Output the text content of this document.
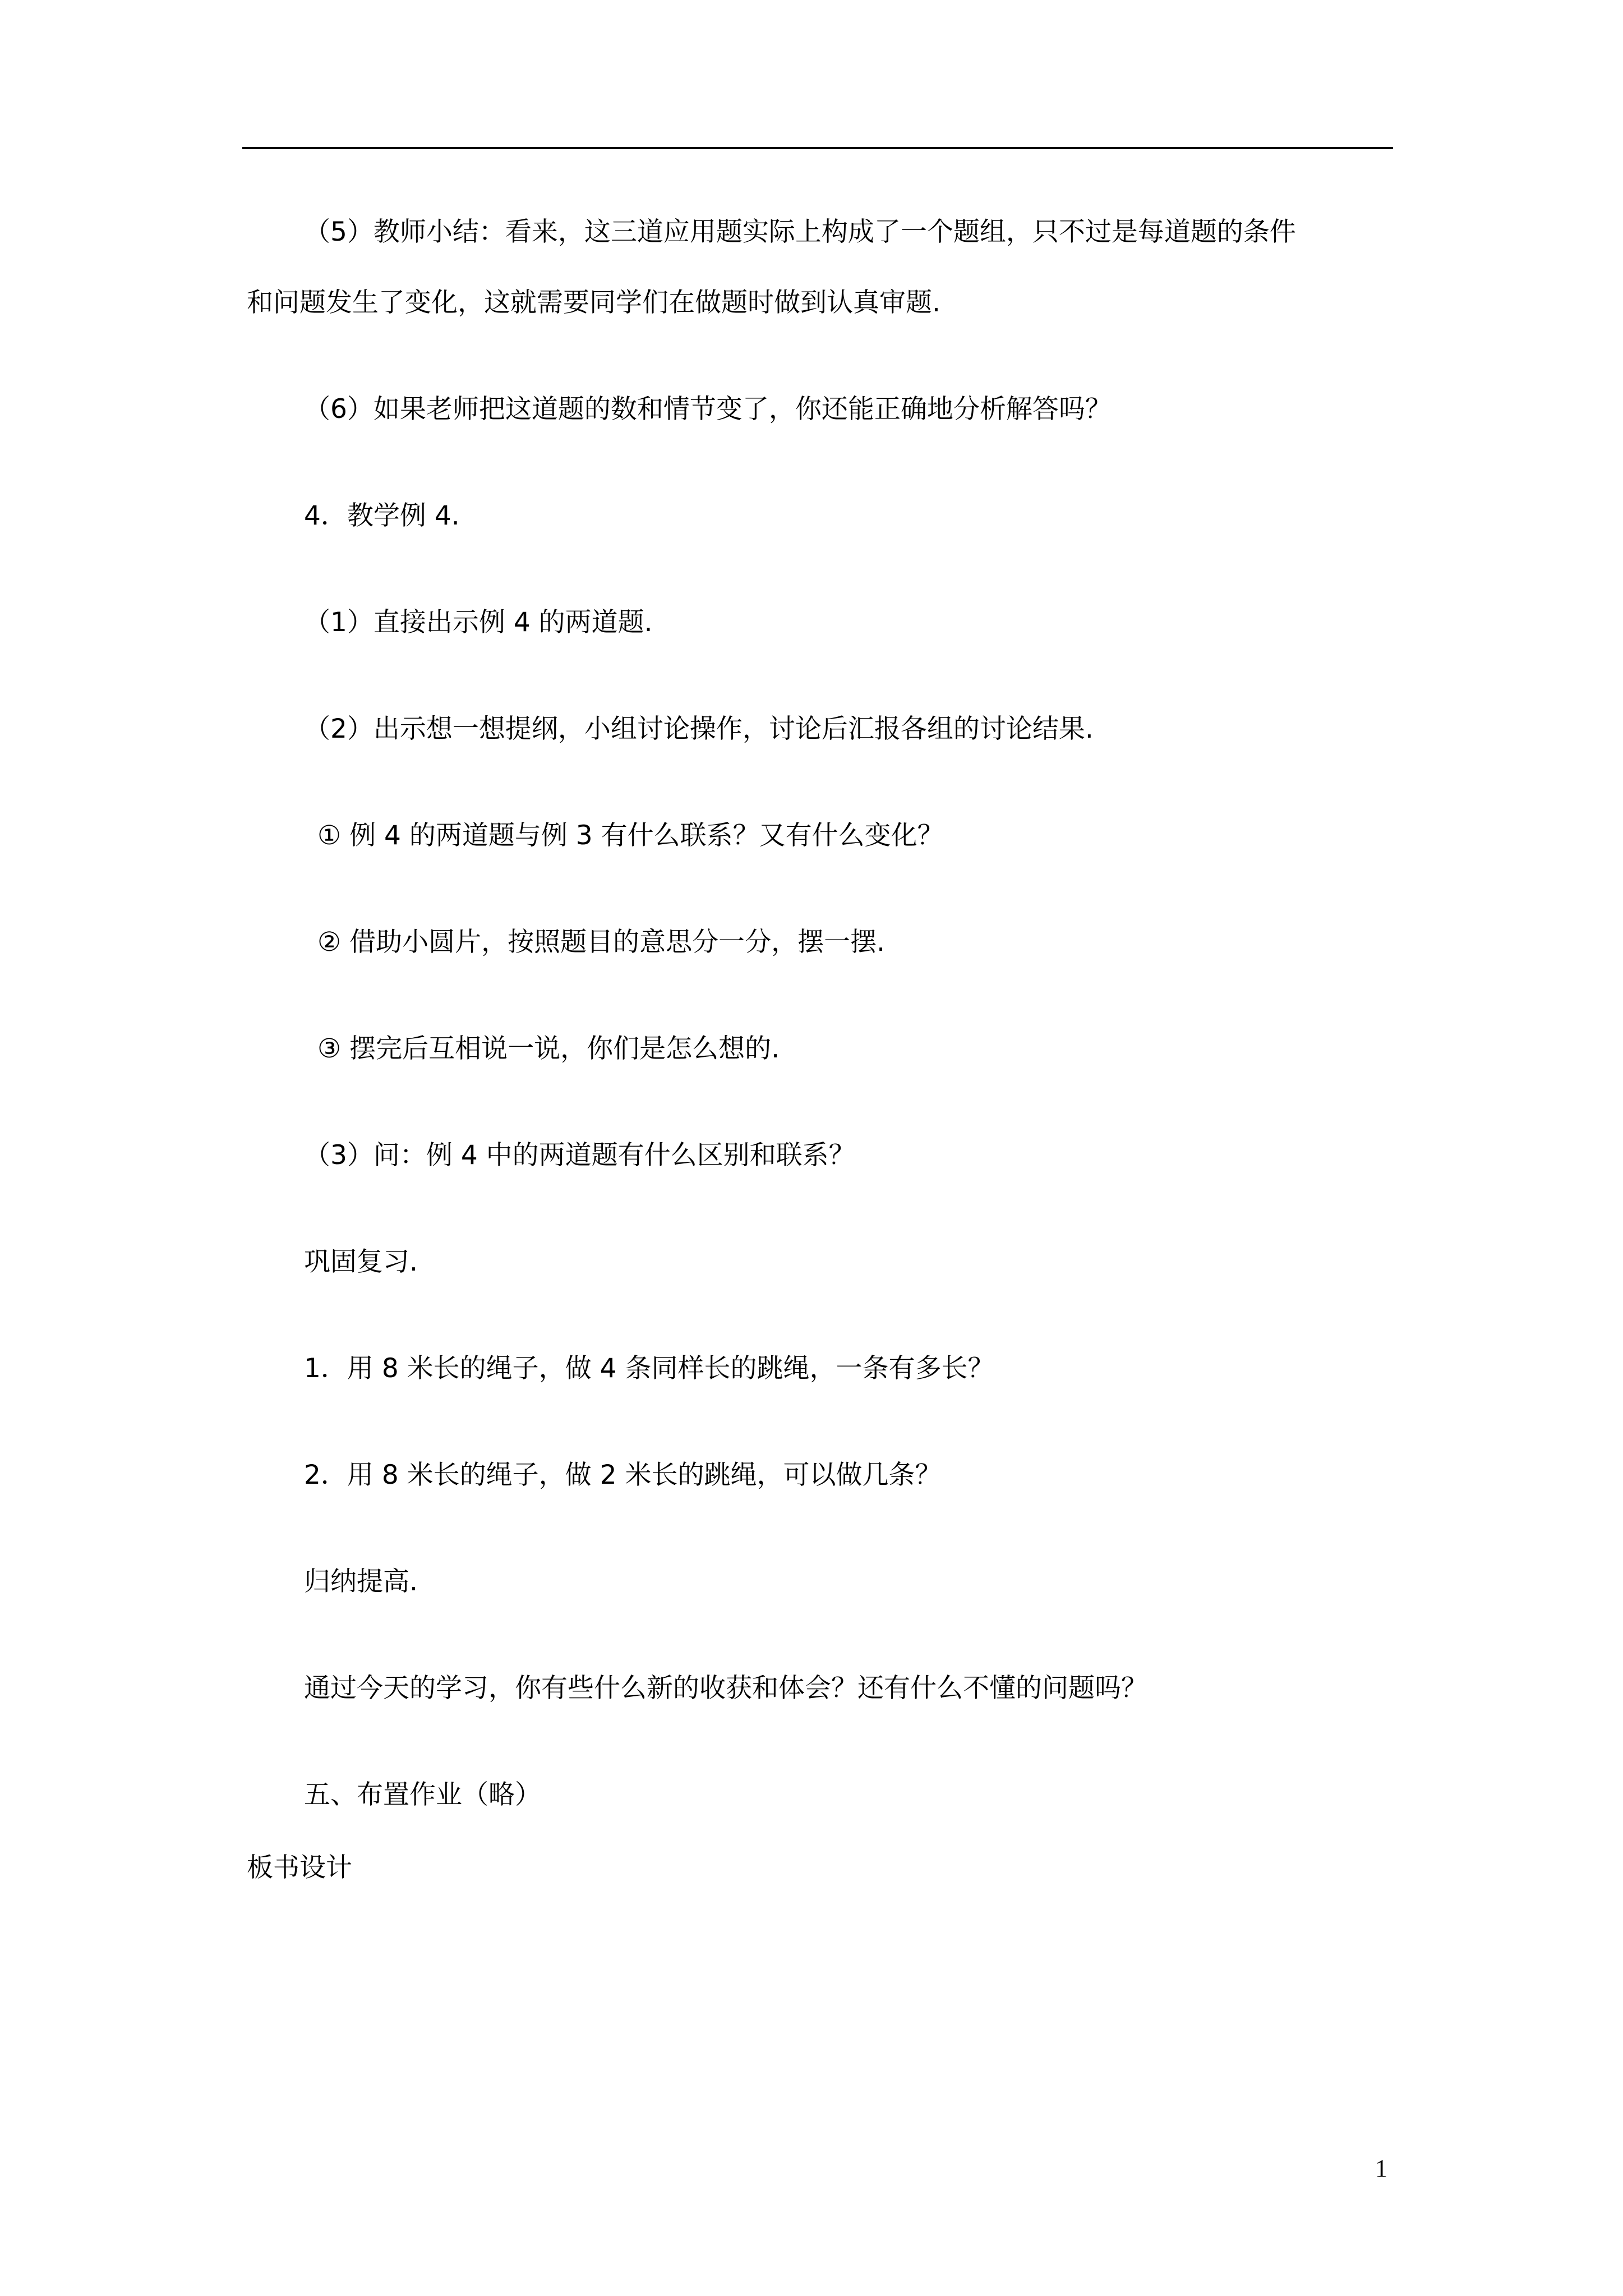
（5）教师小结：看来，这三道应用题实际上构成了一个题组，只不过是每道题的条件
和问题发生了变化，这就需要同学们在做题时做到认真审题.
（6）如果老师把这道题的数和情节变了，你还能正确地分析解答吗？
4．教学例 4.
（1）直接出示例 4 的两道题.
（2）出示想一想提纲，小组讨论操作，讨论后汇报各组的讨论结果.
① 例 4 的两道题与例 3 有什么联系？又有什么变化？
② 借助小圆片，按照题目的意思分一分，摆一摆.
③ 摆完后互相说一说，你们是怎么想的.
（3）问：例 4 中的两道题有什么区别和联系？
巩固复习.
1．用 8 米长的绳子，做 4 条同样长的跳绳，一条有多长？
2．用 8 米长的绳子，做 2 米长的跳绳，可以做几条？
归纳提高.
通过今天的学习，你有些什么新的收获和体会？还有什么不懂的问题吗？
五、布置作业（略）
板书设计
1
